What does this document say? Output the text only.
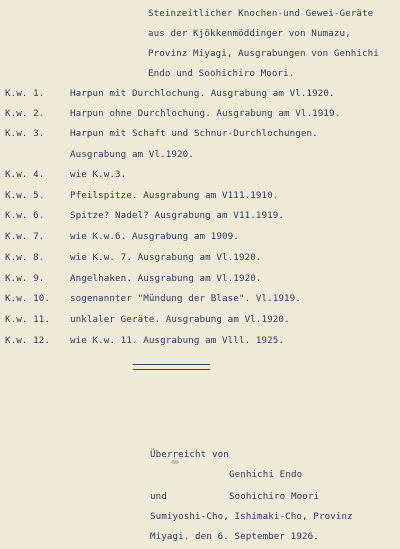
Steinzeitlicher Knochen-und Gewei-Geräte
aus der Kjökkenmöddinger von Numazu,
Provinz Miyagi, Ausgrabungen von Genhichi
Endo und Soohichiro Moori.
K.w. 1.	Harpun mit Durchlochung. Ausgrabung am Vl.1920.
K.w. 2.	Harpun ohne Durchlochung. Ausgrabung am Vl.1919.
K.w. 3.	Harpun mit Schaft und Schnur-Durchlochungen.
Ausgrabung am Vl.1920.
K.w. 4.	wie K.w.3.
K.w. 5.	Pfeilspitze. Ausgrabung am V111.1910.
K.w. 6.	Spitze? Nadel? Ausgrabung am V11.1919.
K.w. 7.	wie K.w.6. Ausgrabung am 1909.
K.w. 8.	wie K.w. 7. Ausgrabung am Vl.1920.
K.w. 9.	Angelhaken. Ausgrabung am Vl.1920.
K.w. 10. sogenannter "Mündung der Blase". Vl.1919.
K.w. 11. unklaler Geräte. Ausgrabung am Vl.1920.
K.w. 12. wie K.w. 11. Ausgrabung am Vlll. 1925.
Überreicht von
Genhichi Endo
und	Soohichiro Moori
Sumiyoshi-Cho, Ishimaki-Cho, Provinz
Miyagi. den 6. September 1926.
